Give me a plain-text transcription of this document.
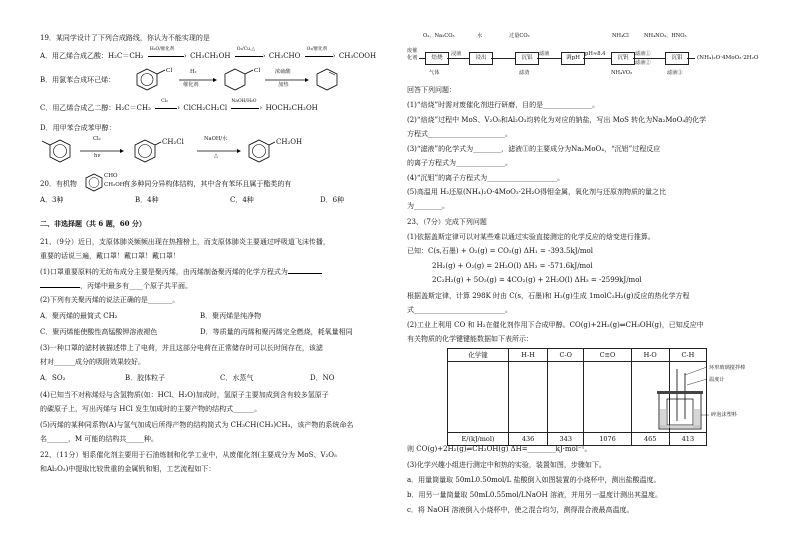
19．某同学设计了下列合成路线，你认为不能实现的是
A．用乙烯合成乙酸：H₂C＝CH₂
H₂O/催化剂
› CH₃CH₂OH
O₂/Cu,△
› CH₃CHO
O₂/催化剂
› CH₃COOH
B．用氯苯合成环己烯：
Cl	Cl
H₂
催化剂
浓硫酸
加热
C．用乙烯合成乙二醇：H₂C＝CH₂
Cl₂
› ClCH₂CH₂Cl
NaOH/H₂O
› HOCH₂CH₂OH
D．用甲苯合成苯甲醇：
Cl₂
hν
CH₂Cl	NaOH/水
△
CH₂OH
20．有机物	有多种同分异构体结构，其中含有苯环且属于酯类的有
CHO
CH₂OH
A．3种	B．4种	C．4种	D．6种
二、非选择题（共 6 题，60 分）
21、（9分）近日，支原体肺炎频频出现在热搜榜上，而支原体肺炎主要通过呼吸道飞沫传播，
重要的话说三遍，戴口罩！戴口罩！戴口罩！
(1)口罩重要原料的无纺布成分主要是聚丙烯，由丙烯制备聚丙烯的化学方程式为
，丙烯中最多有____个原子共平面。
(2)下列有关聚丙烯的说法正确的是_______。
A．聚丙烯的最简式 CH₂	B．聚丙烯是纯净物
C．聚丙烯能使酸性高锰酸钾溶液褪色	D．等质量的丙烯和聚丙烯完全燃烧，耗氧量相同
(3)一种口罩的滤材被描述带上了电荷，并且这部分电荷在正常储存时可以长时间存在，该滤
材对______成分的吸附效果较好。
A．SO₂	B．胶体粒子	C．水蒸气	D．NO
(4)已知当不对称烯烃与含氢物质(如：HCl、H₂O)加成时，氢原子主要加成到含有较多氢原子
的碳原子上，写出丙烯与 HCl 发生加成时的主要产物的结构式______。
(5)丙烯的某种同系物(A)与氢气加成后所得产物的结构简式为 CH₃CH(CH₃)CH₃，该产物的系统命名
名______，M 可能的结构共_____种。
22、（11分）钼系催化剂主要用于石油炼制和化学工业中，从废催化剂(主要成分为 MoS、V₂O₅
和Al₂O₃)中提取比较贵重的金属钒和钼，工艺流程如下：
O₂、Na₂CO₃	水	过量CO₂	NH₄Cl	NH₄NO₃、HNO₃
废催化剂	焙烧	浸出	沉铝	调pH	沉钒	沉钼
浸液	滤液	pH≈8.4	滤液①
滤液②
气体	滤渣	NH₄VO₃	滤液③
(NH₄)₂O·4MoO₃·2H₂O
回答下列问题：
(1)“焙烧”时需对废催化剂进行研磨，目的是______________。
(2)“焙烧”过程中 MoS、V₂O₅和Al₂O₃均转化为对应的钠盐，写出 MoS 转化为Na₂MoO₄的化学
方程式______________________。
(3)“滤液”的化学式为________，滤液①的主要成分为Na₂MoO₄，“沉铝”过程反应
的离子方程式为______________。
(4)“沉钼”的离子方程式为____________________。
(5)高温用 H₂还原(NH₄)₂O·4MoO₃·2H₂O得钼金属，氧化剂与还原剂物质的量之比
为________。
23、（7分）完成下列问题
(1)依据盖斯定律可以对某些难以通过实验直接测定的化学反应的焓变进行推算。
已知：C(s,石墨) + O₂(g) = CO₂(g) ΔH₁ = -393.5kJ/mol
2H₂(g) + O₂(g) = 2H₂O(l) ΔH₂ = -571.6kJ/mol
2C₂H₂(g) + 5O₂(g) = 4CO₂(g) + 2H₂O(l) ΔH₃ = -2599kJ/mol
根据盖斯定律，计算 298K 时由 C(s，石墨)和 H₂(g)生成 1molC₂H₂(g)反应的热化学方程
式__________________________。
(2)工业上利用 CO 和 H₂在催化剂作用下合成甲醇。CO(g)+2H₂(g)⇌CH₃OH(g)，已知反应中
有关物质的化学键键能数据如下表所示：
化学键	H-H	C-O	C≡O	H-O	C-H

E/(kJ/mol)	436	343	1076	465	413
环形玻璃搅拌棒
温度计
碎泡沫塑料
则 CO(g)+2H₂(g)⇌CH₃OH(g) ΔH=________kJ·mol⁻¹。
(3)化学兴趣小组进行测定中和热的实验，装置如图，步骤如下。
a．用量筒量取 50mL0.50mol/L 盐酸倒入如图装置的小烧杯中，测出盐酸温度。
b．用另一量筒量取 50mL0.55mol/LNaOH 溶液，并用另一温度计测出其温度。
c．将 NaOH 溶液倒入小烧杯中，使之混合均匀，测得混合液最高温度。
